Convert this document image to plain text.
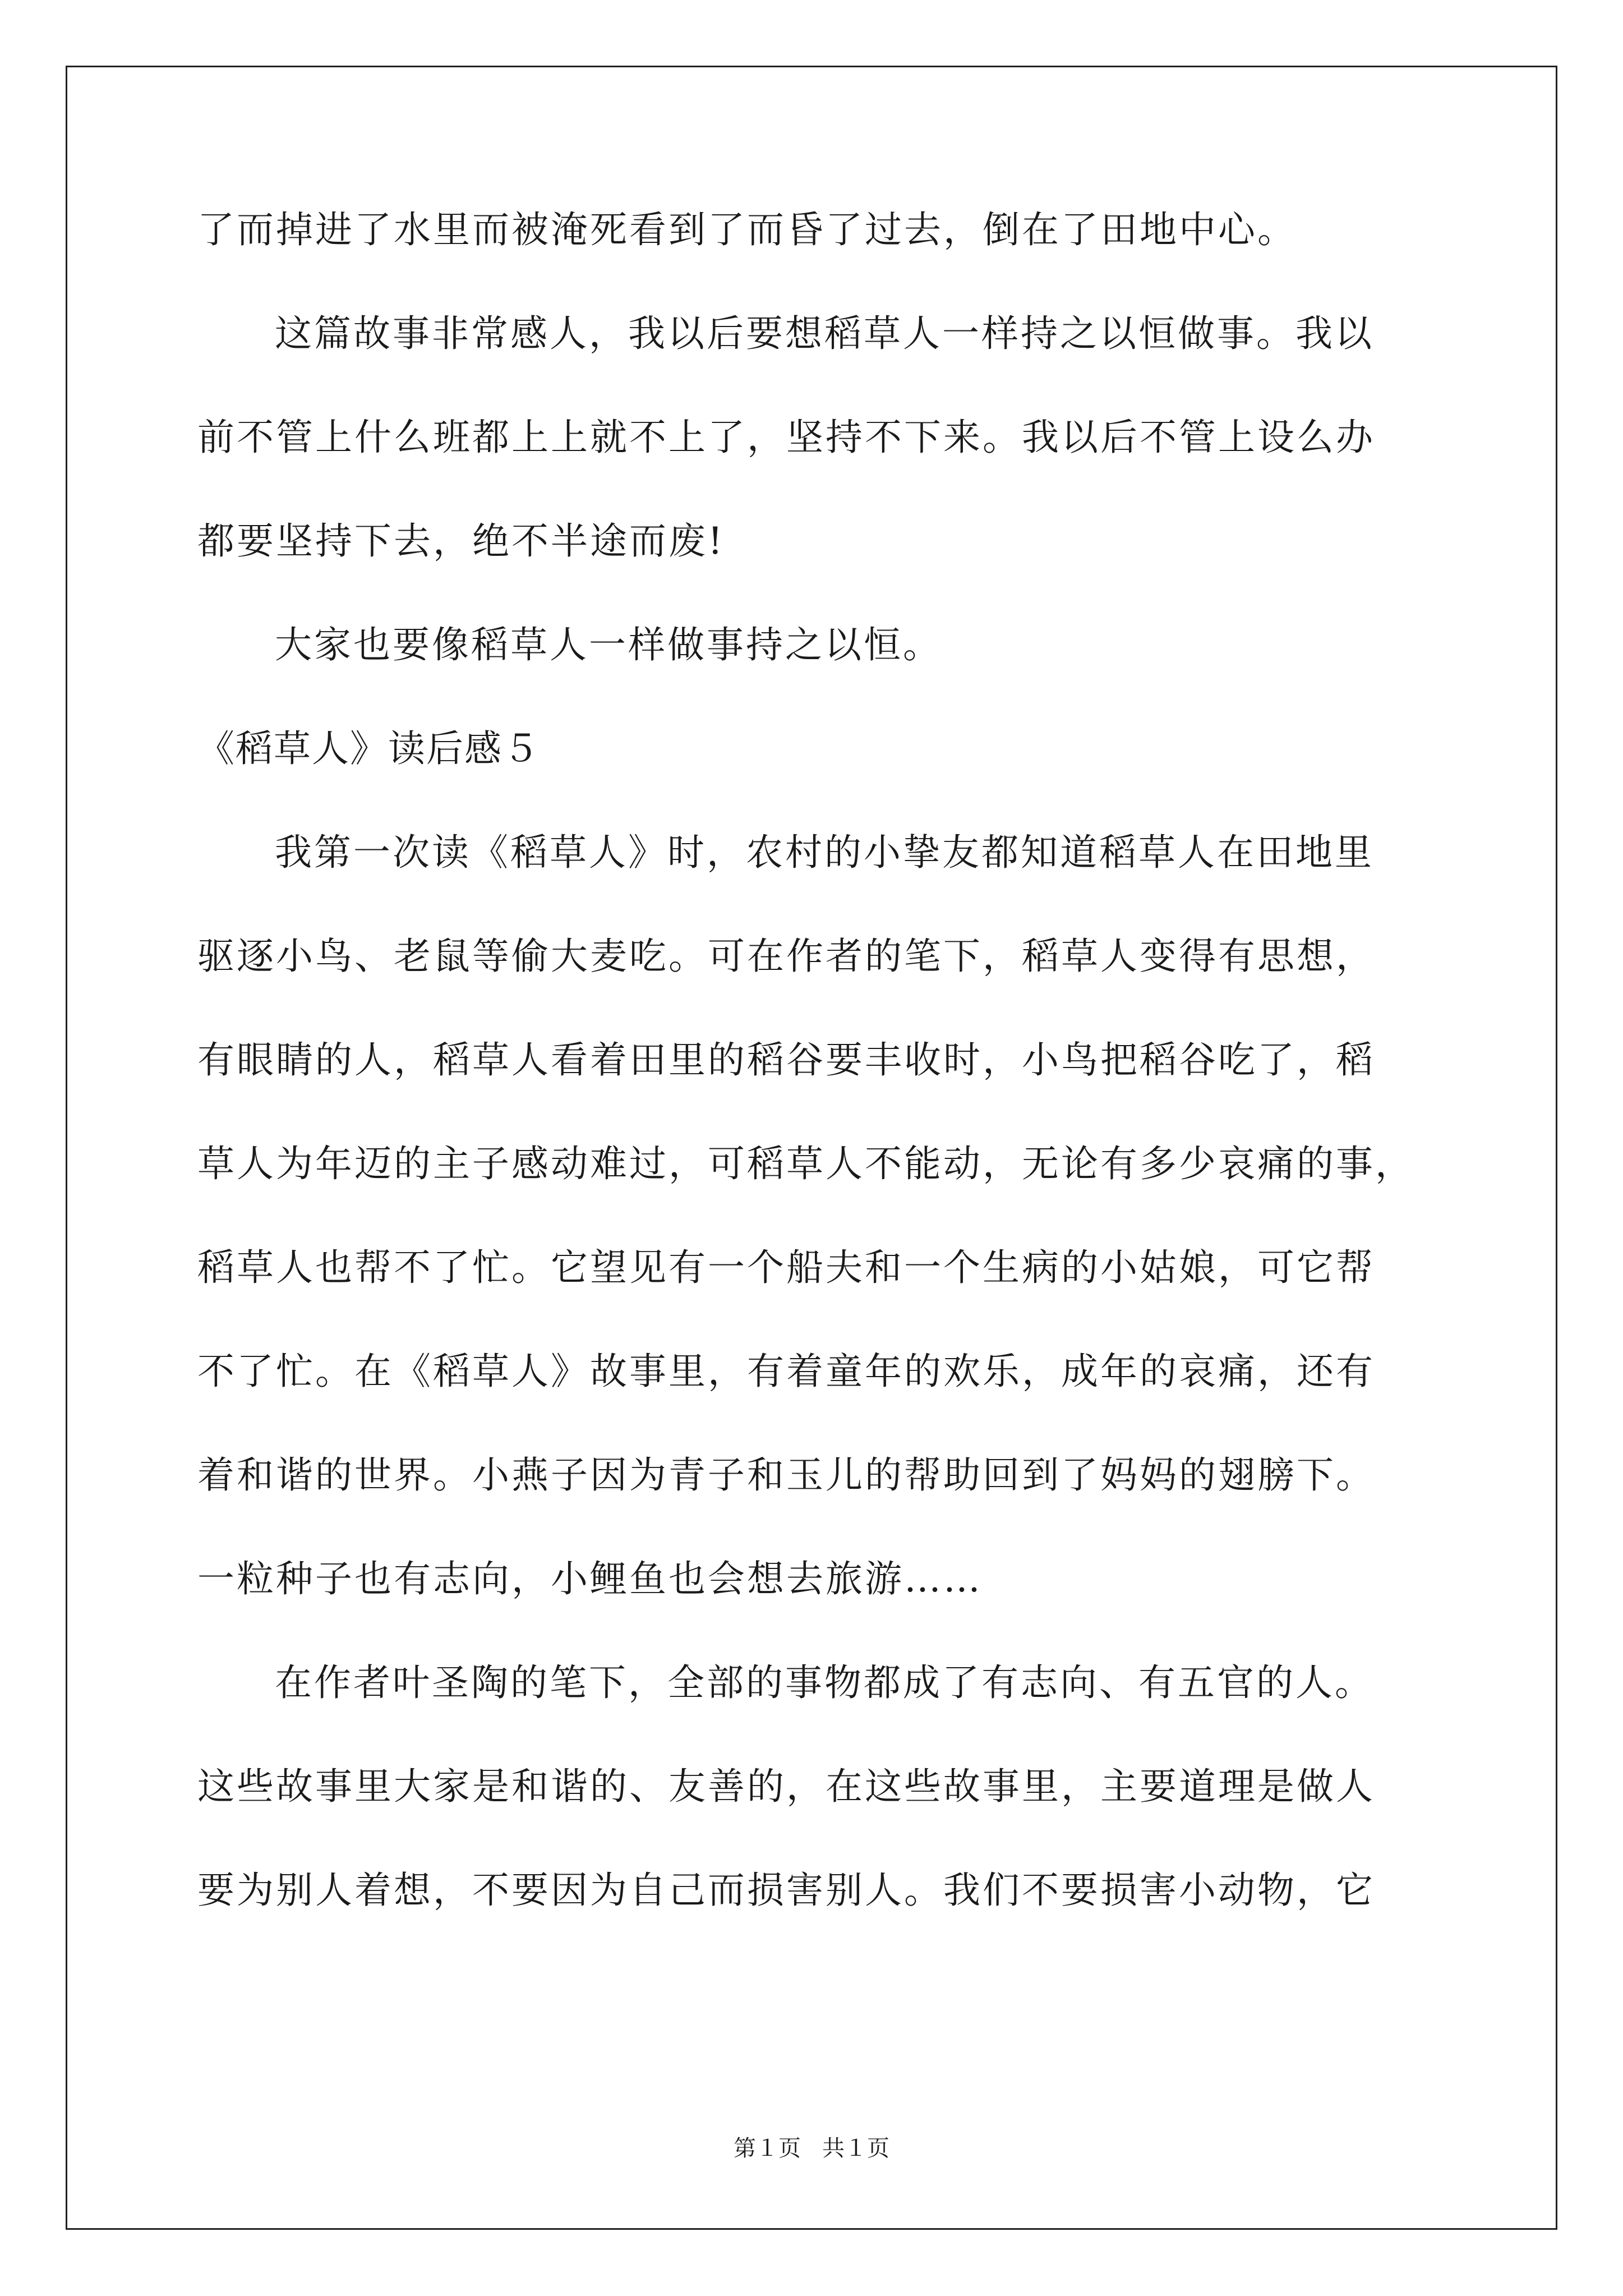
了而掉进了水里而被淹死看到了而昏了过去，倒在了田地中心。
这篇故事非常感人，我以后要想稻草人一样持之以恒做事。我以
前不管上什么班都上上就不上了，坚持不下来。我以后不管上设么办
都要坚持下去，绝不半途而废!
大家也要像稻草人一样做事持之以恒。
《稻草人》读后感５
我第一次读《稻草人》时，农村的小挚友都知道稻草人在田地里
驱逐小鸟、老鼠等偷大麦吃。可在作者的笔下，稻草人变得有思想，
有眼睛的人，稻草人看着田里的稻谷要丰收时，小鸟把稻谷吃了，稻
草人为年迈的主子感动难过，可稻草人不能动，无论有多少哀痛的事，
稻草人也帮不了忙。它望见有一个船夫和一个生病的小姑娘，可它帮
不了忙。在《稻草人》故事里，有着童年的欢乐，成年的哀痛，还有
着和谐的世界。小燕子因为青子和玉儿的帮助回到了妈妈的翅膀下。
一粒种子也有志向，小鲤鱼也会想去旅游……
在作者叶圣陶的笔下，全部的事物都成了有志向、有五官的人。
这些故事里大家是和谐的、友善的，在这些故事里，主要道理是做人
要为别人着想，不要因为自己而损害别人。我们不要损害小动物，它
第１页 共１页
